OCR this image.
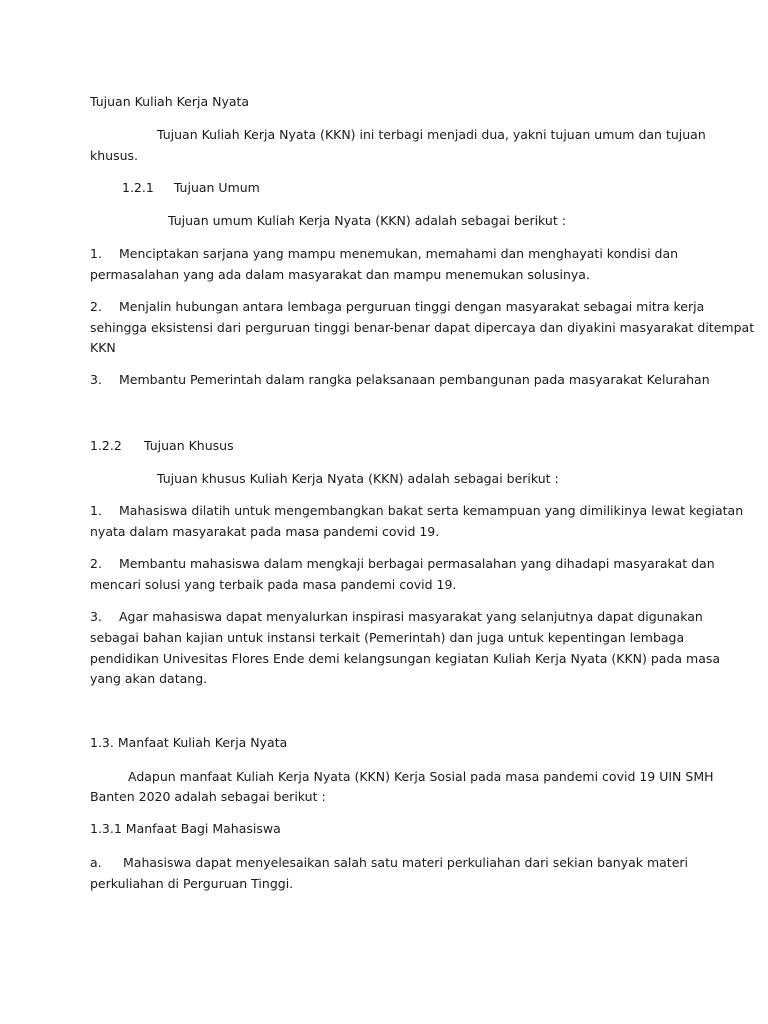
Tujuan Kuliah Kerja Nyata
Tujuan Kuliah Kerja Nyata (KKN) ini terbagi menjadi dua, yakni tujuan umum dan tujuan
khusus.
1.2.1 Tujuan Umum
Tujuan umum Kuliah Kerja Nyata (KKN) adalah sebagai berikut :
1. Menciptakan sarjana yang mampu menemukan, memahami dan menghayati kondisi dan
permasalahan yang ada dalam masyarakat dan mampu menemukan solusinya.
2. Menjalin hubungan antara lembaga perguruan tinggi dengan masyarakat sebagai mitra kerja
sehingga eksistensi dari perguruan tinggi benar-benar dapat dipercaya dan diyakini masyarakat ditempat
KKN
3. Membantu Pemerintah dalam rangka pelaksanaan pembangunan pada masyarakat Kelurahan
1.2.2 Tujuan Khusus
Tujuan khusus Kuliah Kerja Nyata (KKN) adalah sebagai berikut :
1. Mahasiswa dilatih untuk mengembangkan bakat serta kemampuan yang dimilikinya lewat kegiatan
nyata dalam masyarakat pada masa pandemi covid 19.
2. Membantu mahasiswa dalam mengkaji berbagai permasalahan yang dihadapi masyarakat dan
mencari solusi yang terbaik pada masa pandemi covid 19.
3. Agar mahasiswa dapat menyalurkan inspirasi masyarakat yang selanjutnya dapat digunakan
sebagai bahan kajian untuk instansi terkait (Pemerintah) dan juga untuk kepentingan lembaga
pendidikan Univesitas Flores Ende demi kelangsungan kegiatan Kuliah Kerja Nyata (KKN) pada masa
yang akan datang.
1.3. Manfaat Kuliah Kerja Nyata
Adapun manfaat Kuliah Kerja Nyata (KKN) Kerja Sosial pada masa pandemi covid 19 UIN SMH
Banten 2020 adalah sebagai berikut :
1.3.1 Manfaat Bagi Mahasiswa
a. Mahasiswa dapat menyelesaikan salah satu materi perkuliahan dari sekian banyak materi
perkuliahan di Perguruan Tinggi.
